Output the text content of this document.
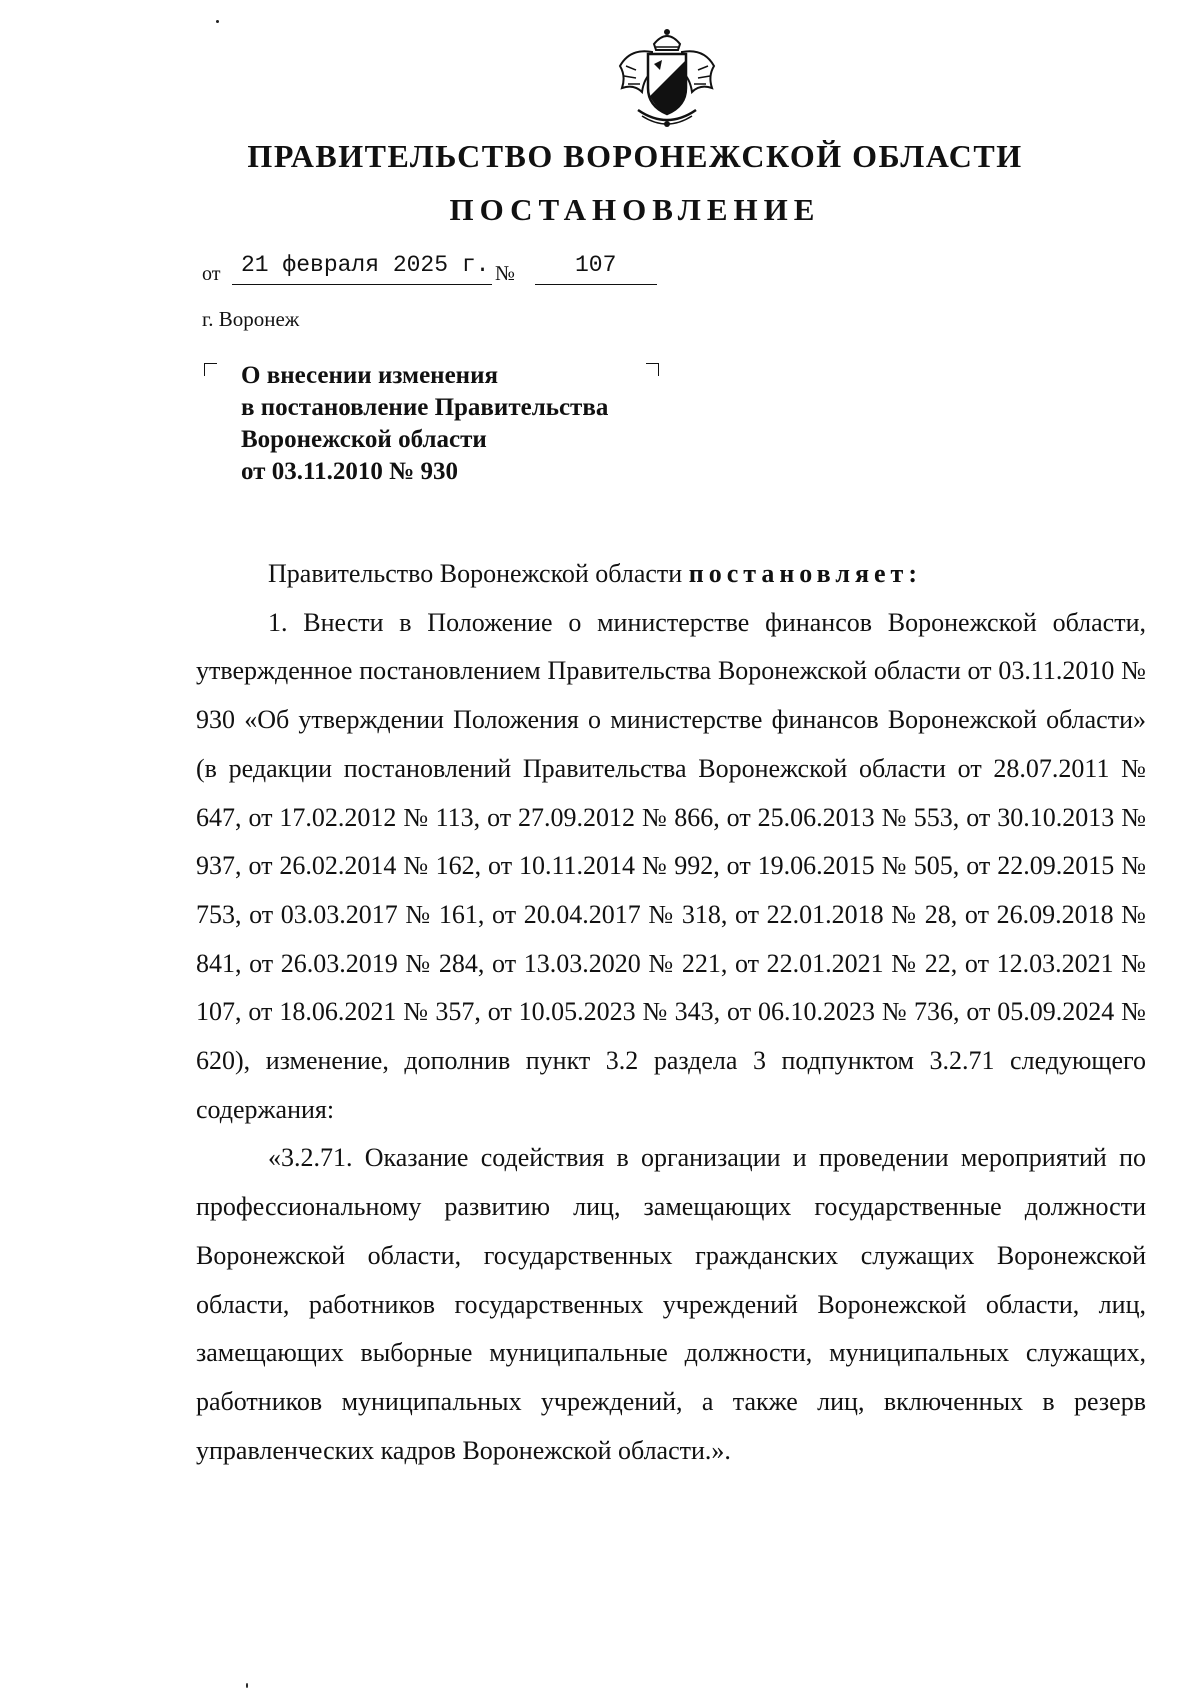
ПРАВИТЕЛЬСТВО ВОРОНЕЖСКОЙ ОБЛАСТИ
ПОСТАНОВЛЕНИЕ
от 21 февраля 2025 г. №	107
г. Воронеж
О внесении изменения
в постановление Правительства
Воронежской области
от 03.11.2010 № 930

Правительство Воронежской области постановляет:

1. Внести в Положение о министерстве финансов Воронежской области, утвержденное постановлением Правительства Воронежской области от 03.11.2010 № 930 «Об утверждении Положения о министерстве финансов Воронежской области» (в редакции постановлений Правительства Воронежской области от 28.07.2011 № 647, от 17.02.2012 № 113, от 27.09.2012 № 866, от 25.06.2013 № 553, от 30.10.2013 № 937, от 26.02.2014 № 162, от 10.11.2014 № 992, от 19.06.2015 № 505, от 22.09.2015 № 753, от 03.03.2017 № 161, от 20.04.2017 № 318, от 22.01.2018 № 28, от 26.09.2018 № 841, от 26.03.2019 № 284, от 13.03.2020 № 221, от 22.01.2021 № 22, от 12.03.2021 № 107, от 18.06.2021 № 357, от 10.05.2023 № 343, от 06.10.2023 № 736, от 05.09.2024 № 620), изменение, дополнив пункт 3.2 раздела 3 подпунктом 3.2.71 следующего содержания:

«3.2.71. Оказание содействия в организации и проведении мероприятий по профессиональному развитию лиц, замещающих государственные должности Воронежской области, государственных гражданских служащих Воронежской области, работников государственных учреждений Воронежской области, лиц, замещающих выборные муниципальные должности, муниципальных служащих, работников муниципальных учреждений, а также лиц, включенных в резерв управленческих кадров Воронежской области.».
